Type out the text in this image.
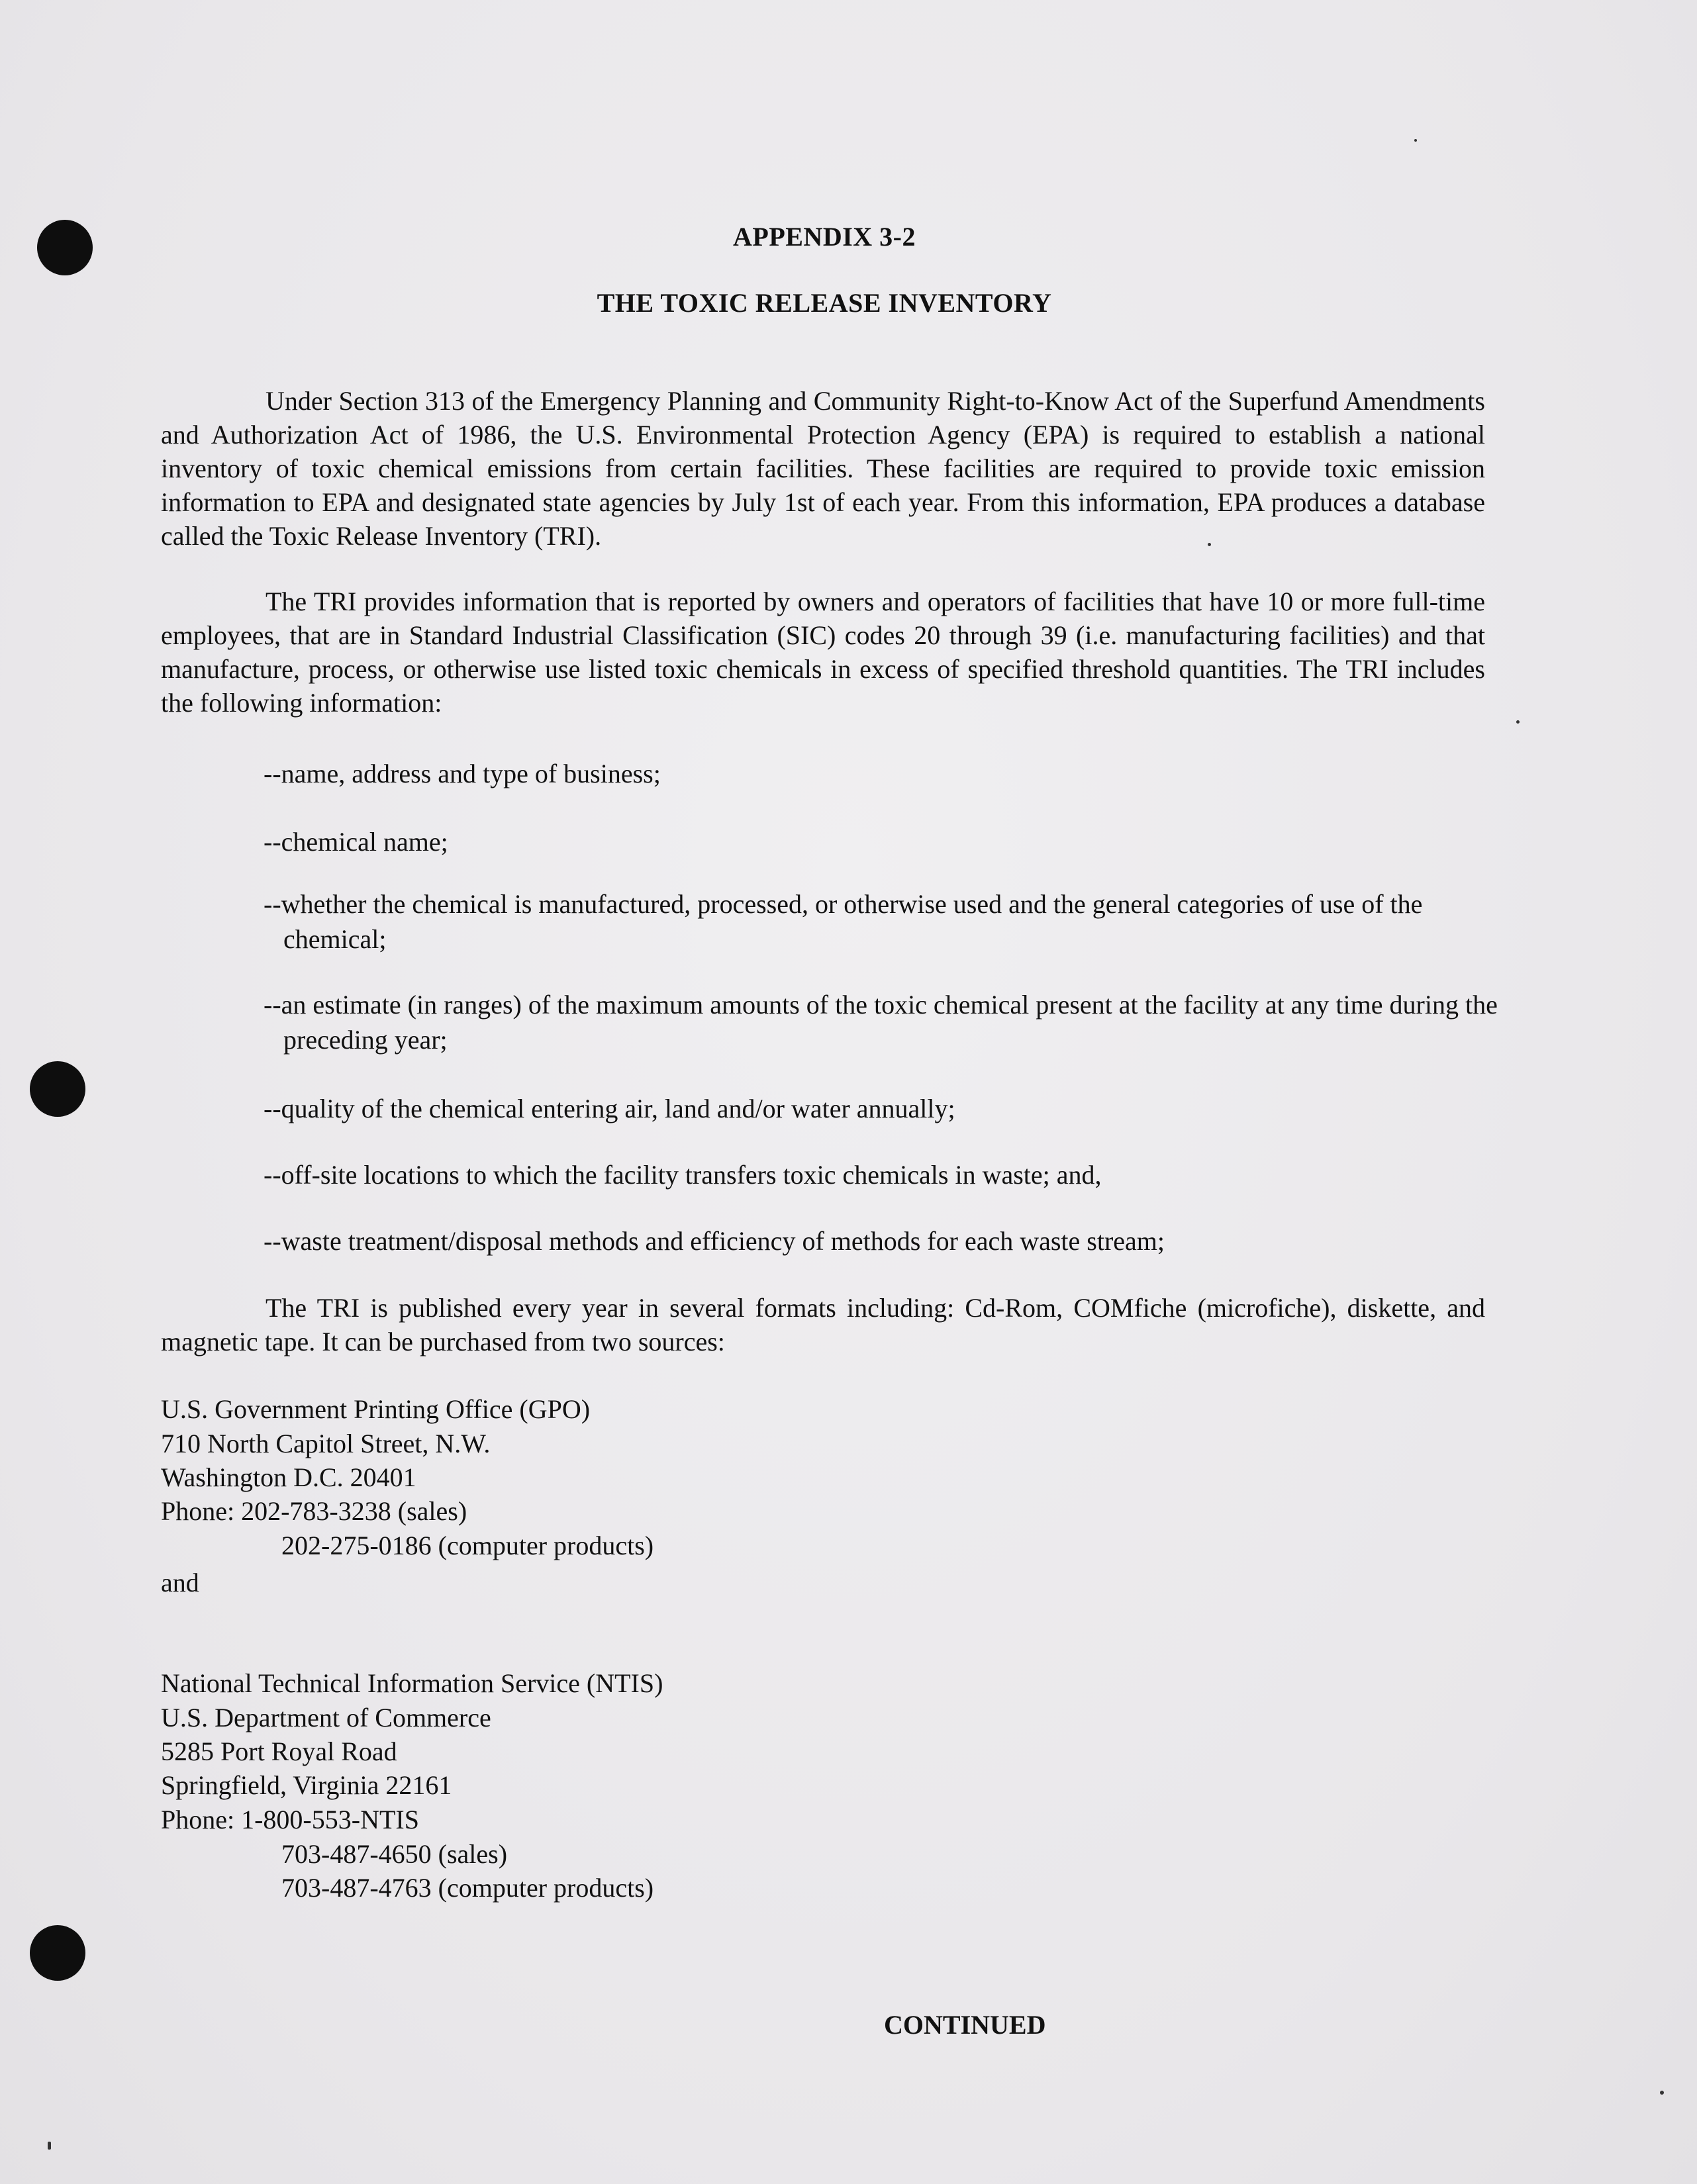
APPENDIX 3-2
THE TOXIC RELEASE INVENTORY
Under Section 313 of the Emergency Planning and Community Right-to-Know Act of the Superfund Amendments and Authorization Act of 1986, the U.S. Environmental Protection Agency (EPA) is required to establish a national inventory of toxic chemical emissions from certain facilities. These facilities are required to provide toxic emission information to EPA and designated state agencies by July 1st of each year. From this information, EPA produces a database called the Toxic Release Inventory (TRI).
The TRI provides information that is reported by owners and operators of facilities that have 10 or more full-time employees, that are in Standard Industrial Classification (SIC) codes 20 through 39 (i.e. manufacturing facilities) and that manufacture, process, or otherwise use listed toxic chemicals in excess of specified threshold quantities. The TRI includes the following information:
--name, address and type of business;
--chemical name;
--whether the chemical is manufactured, processed, or otherwise used and the general categories of use of the chemical;
--an estimate (in ranges) of the maximum amounts of the toxic chemical present at the facility at any time during the preceding year;
--quality of the chemical entering air, land and/or water annually;
--off-site locations to which the facility transfers toxic chemicals in waste; and,
--waste treatment/disposal methods and efficiency of methods for each waste stream;
The TRI is published every year in several formats including: Cd-Rom, COMfiche (microfiche), diskette, and magnetic tape. It can be purchased from two sources:
U.S. Government Printing Office (GPO)
710 North Capitol Street, N.W.
Washington D.C. 20401
Phone: 202-783-3238 (sales)
202-275-0186 (computer products)
and
National Technical Information Service (NTIS)
U.S. Department of Commerce
5285 Port Royal Road
Springfield, Virginia 22161
Phone: 1-800-553-NTIS
703-487-4650 (sales)
703-487-4763 (computer products)
CONTINUED
